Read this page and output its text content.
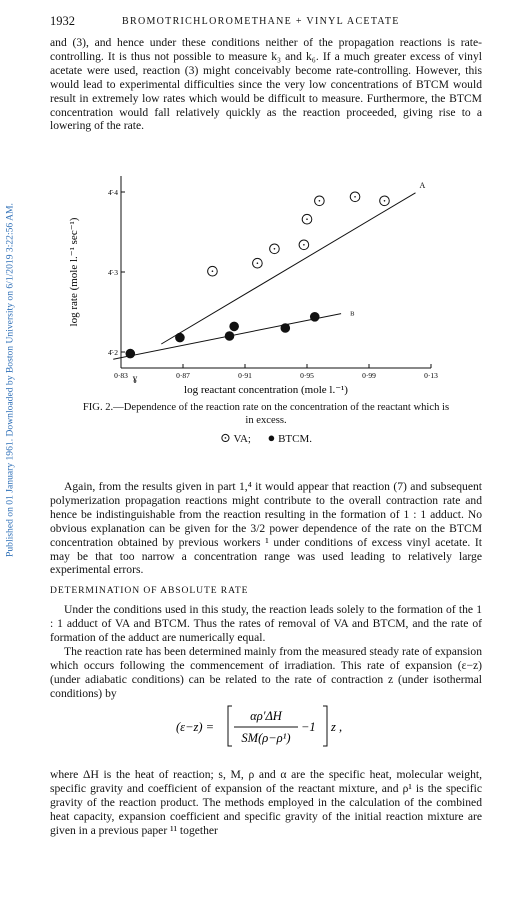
Published on 01 January 1961. Downloaded by Boston University on 6/1/2019 3:22:56 AM.
1932	BROMOTRICHLOROMETHANE + VINYL ACETATE

and (3), and hence under these conditions neither of the propagation reactions is rate-controlling. It is thus not possible to measure k₃ and k₆. If a much greater excess of vinyl acetate were used, reaction (3) might conceivably become rate-controlling. However, this would lead to experimental difficulties since the very low concentrations of BTCM would result in extremely low rates which would be difficult to measure. Furthermore, the BTCM concentration would fall relatively quickly as the reaction proceeded, giving rise to a lowering of the rate.

0·83	0·87	0·91	0·95	0·99	0·13
4̄·2
4̄·3
4̄·4
A
B
¥
log rate (mole l.⁻¹ sec⁻¹)
log reactant concentration (mole l.⁻¹)
FIG. 2.—Dependence of the reaction rate on the concentration of the reactant which is
in excess.
⊙ VA; ● BTCM.

Again, from the results given in part 1,⁴ it would appear that reaction (7) and subsequent polymerization propagation reactions might contribute to the overall contraction rate and hence be indistinguishable from the reaction resulting in the formation of 1 : 1 adduct. No obvious explanation can be given for the 3/2 power dependence of the rate on the BTCM concentration obtained by previous workers ¹ under conditions of excess vinyl acetate. It may be that too narrow a concentration range was used leading to relatively large experimental errors.

DETERMINATION OF ABSOLUTE RATE

Under the conditions used in this study, the reaction leads solely to the formation of the 1 : 1 adduct of VA and BTCM. Thus the rates of removal of VA and BTCM, and the rate of formation of the adduct are numerically equal.

The reaction rate has been determined mainly from the measured steady rate of expansion which occurs following the commencement of irradiation. This rate of expansion (ε−z) (under adiabatic conditions) can be related to the rate of contraction z (under isothermal conditions) by

(ε−z) =
αρ′ΔH
SM(ρ−ρ¹)
−1 z ,

where ΔH is the heat of reaction; s, M, ρ and α are the specific heat, molecular weight, specific gravity and coefficient of expansion of the reactant mixture, and ρ¹ is the specific gravity of the reaction product. The methods employed in the calculation of the combined heat capacity, expansion coefficient and specific gravity of the initial reaction mixture are given in a previous paper ¹¹ together
